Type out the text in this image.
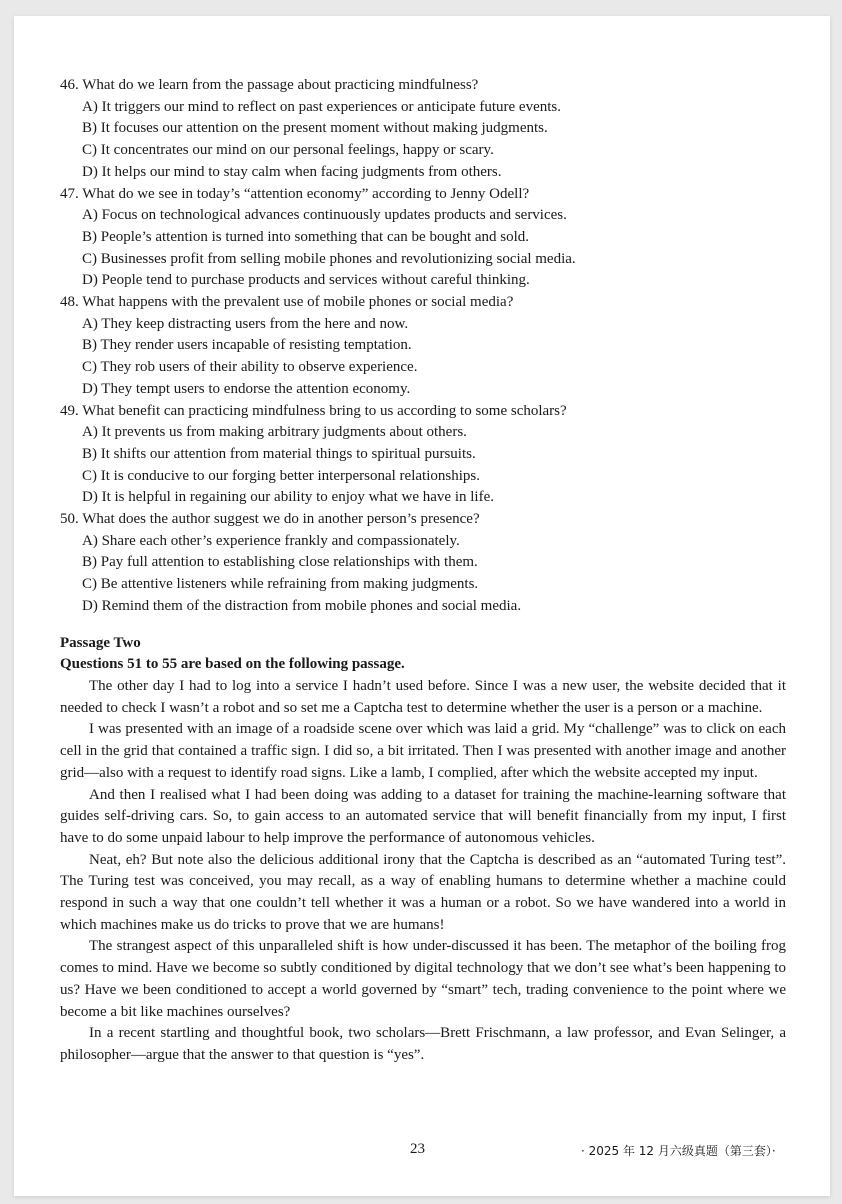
46. What do we learn from the passage about practicing mindfulness?

A) It triggers our mind to reflect on past experiences or anticipate future events.

B) It focuses our attention on the present moment without making judgments.

C) It concentrates our mind on our personal feelings, happy or scary.

D) It helps our mind to stay calm when facing judgments from others.

47. What do we see in today’s “attention economy” according to Jenny Odell?

A) Focus on technological advances continuously updates products and services.

B) People’s attention is turned into something that can be bought and sold.

C) Businesses profit from selling mobile phones and revolutionizing social media.

D) People tend to purchase products and services without careful thinking.

48. What happens with the prevalent use of mobile phones or social media?

A) They keep distracting users from the here and now.

B) They render users incapable of resisting temptation.

C) They rob users of their ability to observe experience.

D) They tempt users to endorse the attention economy.

49. What benefit can practicing mindfulness bring to us according to some scholars?

A) It prevents us from making arbitrary judgments about others.

B) It shifts our attention from material things to spiritual pursuits.

C) It is conducive to our forging better interpersonal relationships.

D) It is helpful in regaining our ability to enjoy what we have in life.

50. What does the author suggest we do in another person’s presence?

A) Share each other’s experience frankly and compassionately.

B) Pay full attention to establishing close relationships with them.

C) Be attentive listeners while refraining from making judgments.

D) Remind them of the distraction from mobile phones and social media.

Passage Two

Questions 51 to 55 are based on the following passage.

The other day I had to log into a service I hadn’t used before. Since I was a new user, the website decided that it needed to check I wasn’t a robot and so set me a Captcha test to determine whether the user is a person or a machine.

I was presented with an image of a roadside scene over which was laid a grid. My “challenge” was to click on each cell in the grid that contained a traffic sign. I did so, a bit irritated. Then I was presented with another image and another grid—also with a request to identify road signs. Like a lamb, I complied, after which the website accepted my input.

And then I realised what I had been doing was adding to a dataset for training the machine-learning software that guides self-driving cars. So, to gain access to an automated service that will benefit financially from my input, I first have to do some unpaid labour to help improve the performance of autonomous vehicles.

Neat, eh? But note also the delicious additional irony that the Captcha is described as an “automated Turing test”. The Turing test was conceived, you may recall, as a way of enabling humans to determine whether a machine could respond in such a way that one couldn’t tell whether it was a human or a robot. So we have wandered into a world in which machines make us do tricks to prove that we are humans!

The strangest aspect of this unparalleled shift is how under-discussed it has been. The metaphor of the boiling frog comes to mind. Have we become so subtly conditioned by digital technology that we don’t see what’s been happening to us? Have we been conditioned to accept a world governed by “smart” tech, trading convenience to the point where we become a bit like machines ourselves?

In a recent startling and thoughtful book, two scholars—Brett Frischmann, a law professor, and Evan Selinger, a philosopher—argue that the answer to that question is “yes”.

23	· 2025 年 12 月六级真题（第三套）·
